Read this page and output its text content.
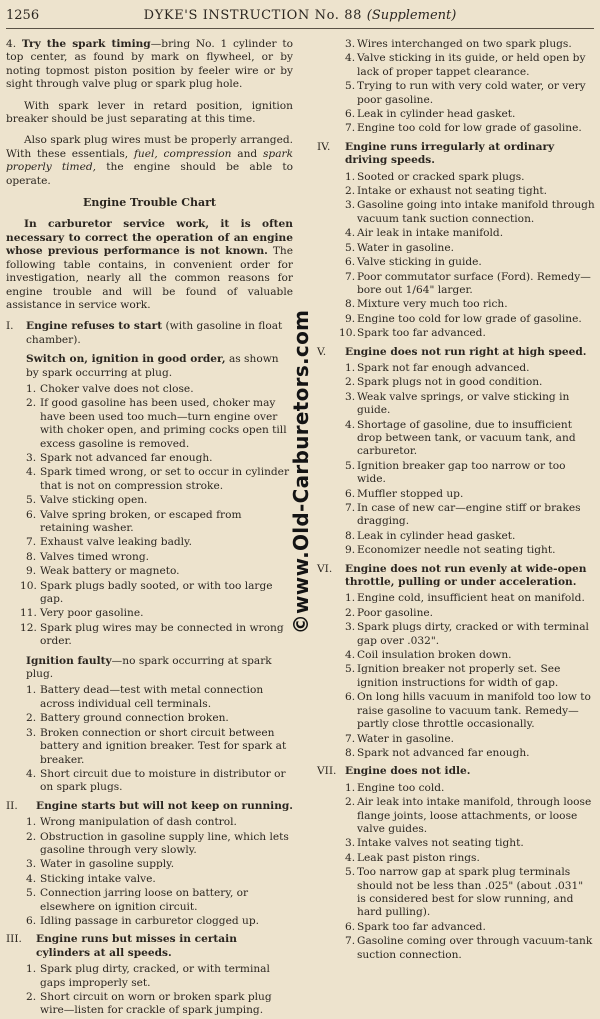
1256	DYKE'S INSTRUCTION No. 88 (Supplement)
©www.Old-Carburetors.com

4. Try the spark timing—bring No. 1 cylinder to top center, as found by mark on flywheel, or by noting topmost piston position by feeler wire or by sight through valve plug or spark plug hole.

With spark lever in retard position, ignition breaker should be just separating at this time.

Also spark plug wires must be properly arranged. With these essentials, fuel, compression and spark properly timed, the engine should be able to operate.

Engine Trouble Chart

In carburetor service work, it is often necessary to correct the operation of an engine whose previous performance is not known. The following table contains, in convenient order for investigation, nearly all the common reasons for engine trouble and will be found of valuable assistance in service work.

I. Engine refuses to start (with gasoline in float chamber).
Switch on, ignition in good order, as shown by spark occurring at plug.
1. Choker valve does not close.
2. If good gasoline has been used, choker may have been used too much—turn engine over with choker open, and priming cocks open till excess gasoline is removed.
3. Spark not advanced far enough.
4. Spark timed wrong, or set to occur in cylinder that is not on compression stroke.
5. Valve sticking open.
6. Valve spring broken, or escaped from retaining washer.
7. Exhaust valve leaking badly.
8. Valves timed wrong.
9. Weak battery or magneto.
10. Spark plugs badly sooted, or with too large gap.
11. Very poor gasoline.
12. Spark plug wires may be connected in wrong order.
Ignition faulty—no spark occurring at spark plug.
1. Battery dead—test with metal connection across individual cell terminals.
2. Battery ground connection broken.
3. Broken connection or short circuit between battery and ignition breaker. Test for spark at breaker.
4. Short circuit due to moisture in distributor or on spark plugs.
II. Engine starts but will not keep on running.
1. Wrong manipulation of dash control.
2. Obstruction in gasoline supply line, which lets gasoline through very slowly.
3. Water in gasoline supply.
4. Sticking intake valve.
5. Connection jarring loose on battery, or elsewhere on ignition circuit.
6. Idling passage in carburetor clogged up.
III. Engine runs but misses in certain cylinders at all speeds.
1. Spark plug dirty, cracked, or with terminal gaps improperly set.
2. Short circuit on worn or broken spark plug wire—listen for crackle of spark jumping.
3. Wires interchanged on two spark plugs.
4. Valve sticking in its guide, or held open by lack of proper tappet clearance.
5. Trying to run with very cold water, or very poor gasoline.
6. Leak in cylinder head gasket.
7. Engine too cold for low grade of gasoline.
IV. Engine runs irregularly at ordinary driving speeds.
1. Sooted or cracked spark plugs.
2. Intake or exhaust not seating tight.
3. Gasoline going into intake manifold through vacuum tank suction connection.
4. Air leak in intake manifold.
5. Water in gasoline.
6. Valve sticking in guide.
7. Poor commutator surface (Ford). Remedy—bore out 1/64" larger.
8. Mixture very much too rich.
9. Engine too cold for low grade of gasoline.
10. Spark too far advanced.
V. Engine does not run right at high speed.
1. Spark not far enough advanced.
2. Spark plugs not in good condition.
3. Weak valve springs, or valve sticking in guide.
4. Shortage of gasoline, due to insufficient drop between tank, or vacuum tank, and carburetor.
5. Ignition breaker gap too narrow or too wide.
6. Muffler stopped up.
7. In case of new car—engine stiff or brakes dragging.
8. Leak in cylinder head gasket.
9. Economizer needle not seating tight.
VI. Engine does not run evenly at wide-open throttle, pulling or under acceleration.
1. Engine cold, insufficient heat on manifold.
2. Poor gasoline.
3. Spark plugs dirty, cracked or with terminal gap over .032".
4. Coil insulation broken down.
5. Ignition breaker not properly set. See ignition instructions for width of gap.
6. On long hills vacuum in manifold too low to raise gasoline to vacuum tank. Remedy—partly close throttle occasionally.
7. Water in gasoline.
8. Spark not advanced far enough.
VII. Engine does not idle.
1. Engine too cold.
2. Air leak into intake manifold, through loose flange joints, loose attachments, or loose valve guides.
3. Intake valves not seating tight.
4. Leak past piston rings.
5. Too narrow gap at spark plug terminals should not be less than .025" (about .031" is considered best for slow running, and hard pulling).
6. Spark too far advanced.
7. Gasoline coming over through vacuum-tank suction connection.
